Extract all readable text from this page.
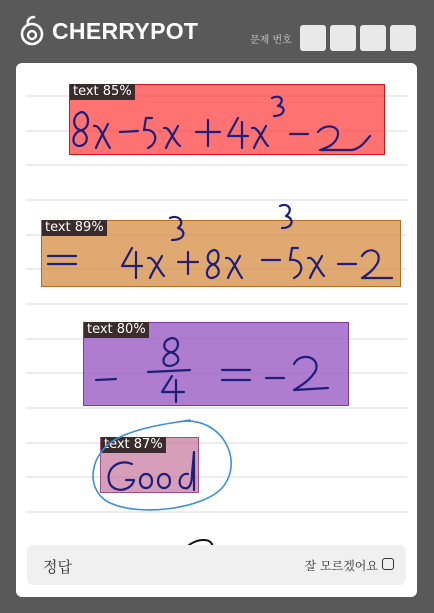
CHERRYPOT	문제 번호
text 85%
text 89%
text 80%
text 87%
정답	잘 모르겠어요
